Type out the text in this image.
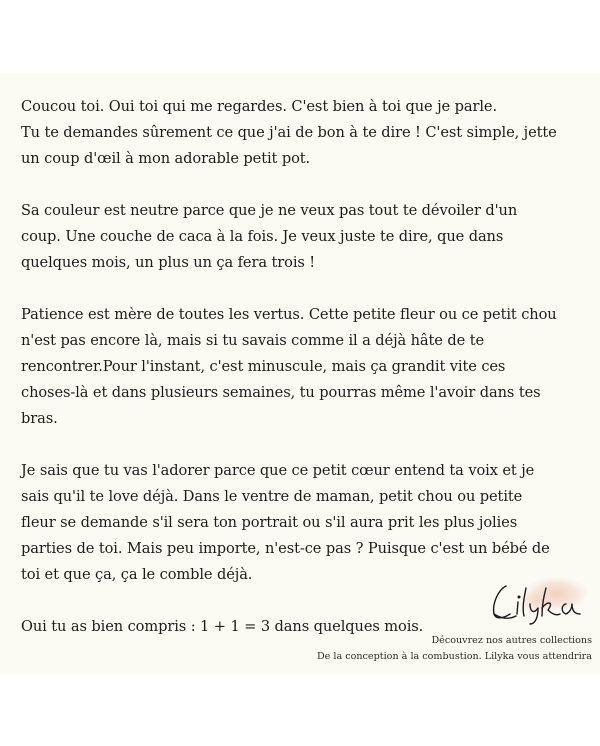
Coucou toi. Oui toi qui me regardes. C'est bien à toi que je parle.
Tu te demandes sûrement ce que j'ai de bon à te dire ! C'est simple, jette
un coup d'œil à mon adorable petit pot.

Sa couleur est neutre parce que je ne veux pas tout te dévoiler d'un
coup. Une couche de caca à la fois. Je veux juste te dire, que dans
quelques mois, un plus un ça fera trois !

Patience est mère de toutes les vertus. Cette petite fleur ou ce petit chou
n'est pas encore là, mais si tu savais comme il a déjà hâte de te
rencontrer.Pour l'instant, c'est minuscule, mais ça grandit vite ces
choses-là et dans plusieurs semaines, tu pourras même l'avoir dans tes
bras.

Je sais que tu vas l'adorer parce que ce petit cœur entend ta voix et je
sais qu'il te love déjà. Dans le ventre de maman, petit chou ou petite
fleur se demande s'il sera ton portrait ou s'il aura prit les plus jolies
parties de toi. Mais peu importe, n'est-ce pas ? Puisque c'est un bébé de
toi et que ça, ça le comble déjà.

Oui tu as bien compris : 1 + 1 = 3 dans quelques mois.

Découvrez nos autres collections
De la conception à la combustion. Lilyka vous attendrira
